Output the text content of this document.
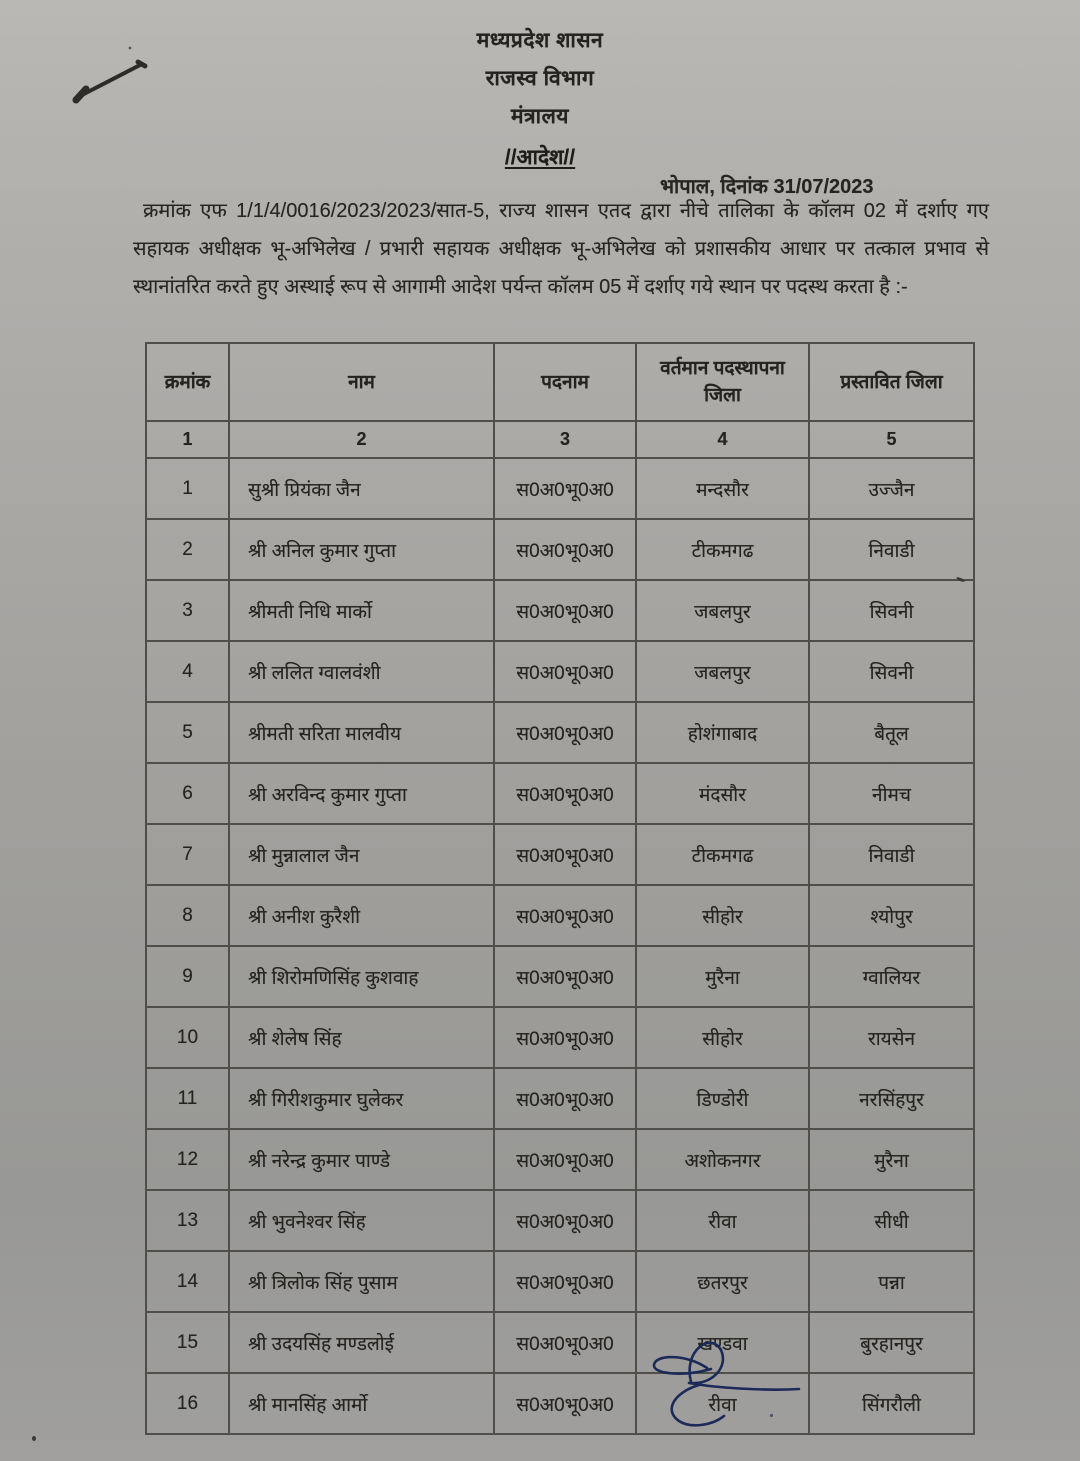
मध्यप्रदेश शासन
राजस्व विभाग
मंत्रालय
//आदेश//
भोपाल, दिनांक 31/07/2023
क्रमांक एफ 1/1/4/0016/2023/2023/सात-5, राज्य शासन एतद द्वारा नीचे तालिका के कॉलम 02 में दर्शाए गए सहायक अधीक्षक भू-अभिलेख / प्रभारी सहायक अधीक्षक भू-अभिलेख को प्रशासकीय आधार पर तत्काल प्रभाव से स्थानांतरित करते हुए अस्थाई रूप से आगामी आदेश पर्यन्त कॉलम 05 में दर्शाए गये स्थान पर पदस्थ करता है :-
क्रमांक	नाम	पदनाम	वर्तमान पदस्थापना जिला	प्रस्तावित जिला
1	2	3	4	5
1	सुश्री प्रियंका जैन	स0अ0भू0अ0	मन्दसौर	उज्जैन
2	श्री अनिल कुमार गुप्ता	स0अ0भू0अ0	टीकमगढ	निवाडी
3	श्रीमती निधि मार्को	स0अ0भू0अ0	जबलपुर	सिवनी
4	श्री ललित ग्वालवंशी	स0अ0भू0अ0	जबलपुर	सिवनी
5	श्रीमती सरिता मालवीय	स0अ0भू0अ0	होशंगाबाद	बैतूल
6	श्री अरविन्द कुमार गुप्ता	स0अ0भू0अ0	मंदसौर	नीमच
7	श्री मुन्नालाल जैन	स0अ0भू0अ0	टीकमगढ	निवाडी
8	श्री अनीश कुरैशी	स0अ0भू0अ0	सीहोर	श्योपुर
9	श्री शिरोमणिसिंह कुशवाह	स0अ0भू0अ0	मुरैना	ग्वालियर
10	श्री शेलेष सिंह	स0अ0भू0अ0	सीहोर	रायसेन
11	श्री गिरीशकुमार घुलेकर	स0अ0भू0अ0	डिण्डोरी	नरसिंहपुर
12	श्री नरेन्द्र कुमार पाण्डे	स0अ0भू0अ0	अशोकनगर	मुरैना
13	श्री भुवनेश्वर सिंह	स0अ0भू0अ0	रीवा	सीधी
14	श्री त्रिलोक सिंह पुसाम	स0अ0भू0अ0	छतरपुर	पन्ना
15	श्री उदयसिंह मण्डलोई	स0अ0भू0अ0	खण्डवा	बुरहानपुर
16	श्री मानसिंह आर्मो	स0अ0भू0अ0	रीवा	सिंगरौली
